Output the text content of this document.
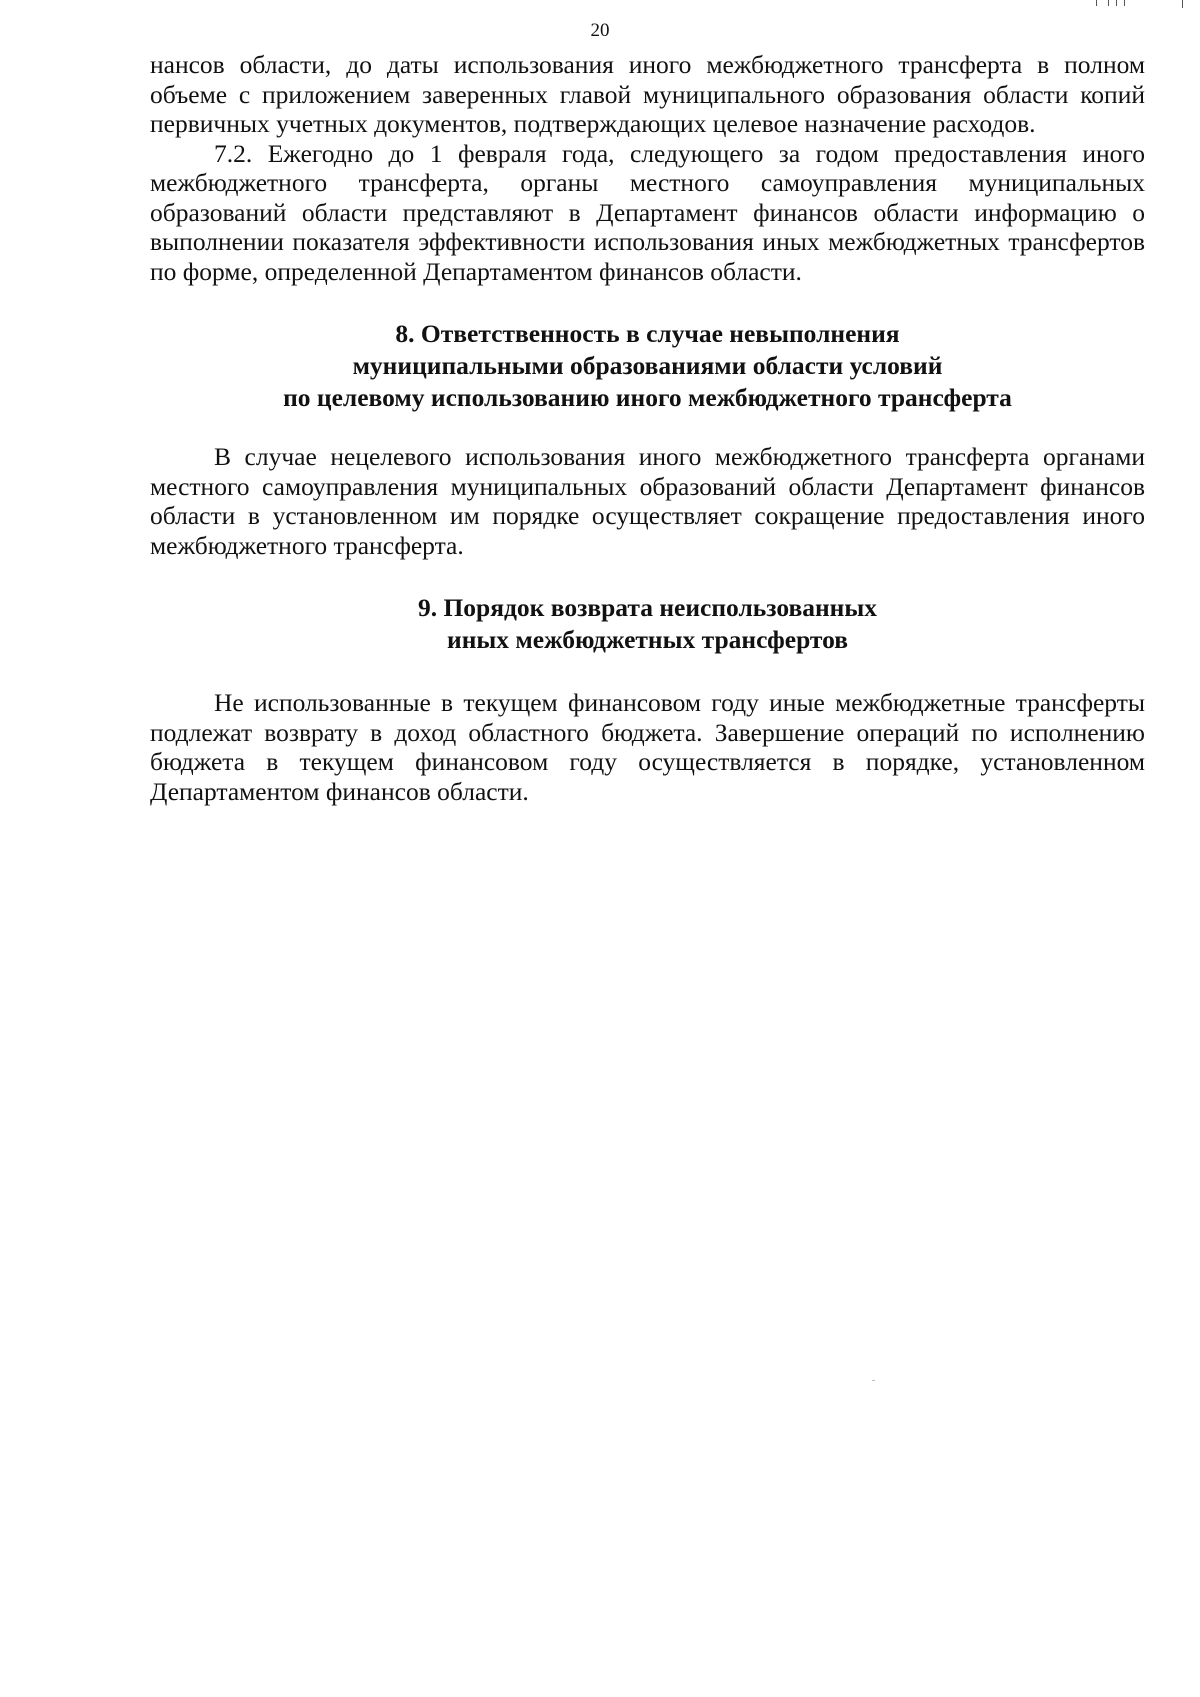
20

нансов области, до даты использования иного межбюджетного трансферта в полном объеме с приложением заверенных главой муниципального образования области копий первичных учетных документов, подтверждающих целевое назначение расходов.

7.2. Ежегодно до 1 февраля года, следующего за годом предоставления иного межбюджетного трансферта, органы местного самоуправления муниципальных образований области представляют в Департамент финансов области информацию о выполнении показателя эффективности использования иных межбюджетных трансфертов по форме, определенной Департаментом финансов области.

8. Ответственность в случае невыполнения
муниципальными образованиями области условий
по целевому использованию иного межбюджетного трансферта

В случае нецелевого использования иного межбюджетного трансферта органами местного самоуправления муниципальных образований области Департамент финансов области в установленном им порядке осуществляет сокращение предоставления иного межбюджетного трансферта.

9. Порядок возврата неиспользованных
иных межбюджетных трансфертов

Не использованные в текущем финансовом году иные межбюджетные трансферты подлежат возврату в доход областного бюджета. Завершение операций по исполнению бюджета в текущем финансовом году осуществляется в порядке, установленном Департаментом финансов области.
